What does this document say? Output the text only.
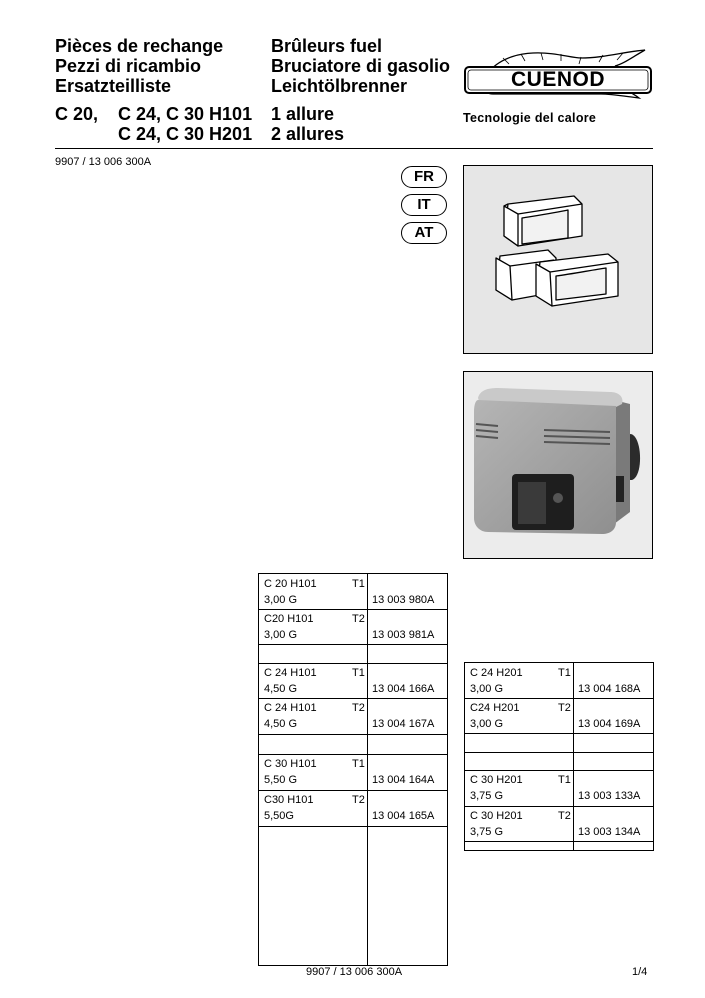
Pièces de rechange
Pezzi di ricambio
Ersatzteilliste
Brûleurs fuel
Bruciatore di gasolio
Leichtölbrenner
C 20, C 24, C 30 H101
C 24, C 30 H201
1 allure
2 allures
CUENOD
Tecnologie del calore
9907 / 13 006 300A
FR
IT
AT
C 20 H101	T1
3,00 G	13 003 980A
C20 H101	T2
3,00 G	13 003 981A
C 24 H101	T1
4,50 G	13 004 166A
C 24 H101	T2
4,50 G	13 004 167A
C 30 H101	T1
5,50 G	13 004 164A
C30 H101	T2
5,50G	13 004 165A
C 24 H201	T1
3,00 G	13 004 168A
C24 H201	T2
3,00 G	13 004 169A
C 30 H201	T1
3,75 G	13 003 133A
C 30 H201	T2
3,75 G	13 003 134A
9907 / 13 006 300A	1/4
